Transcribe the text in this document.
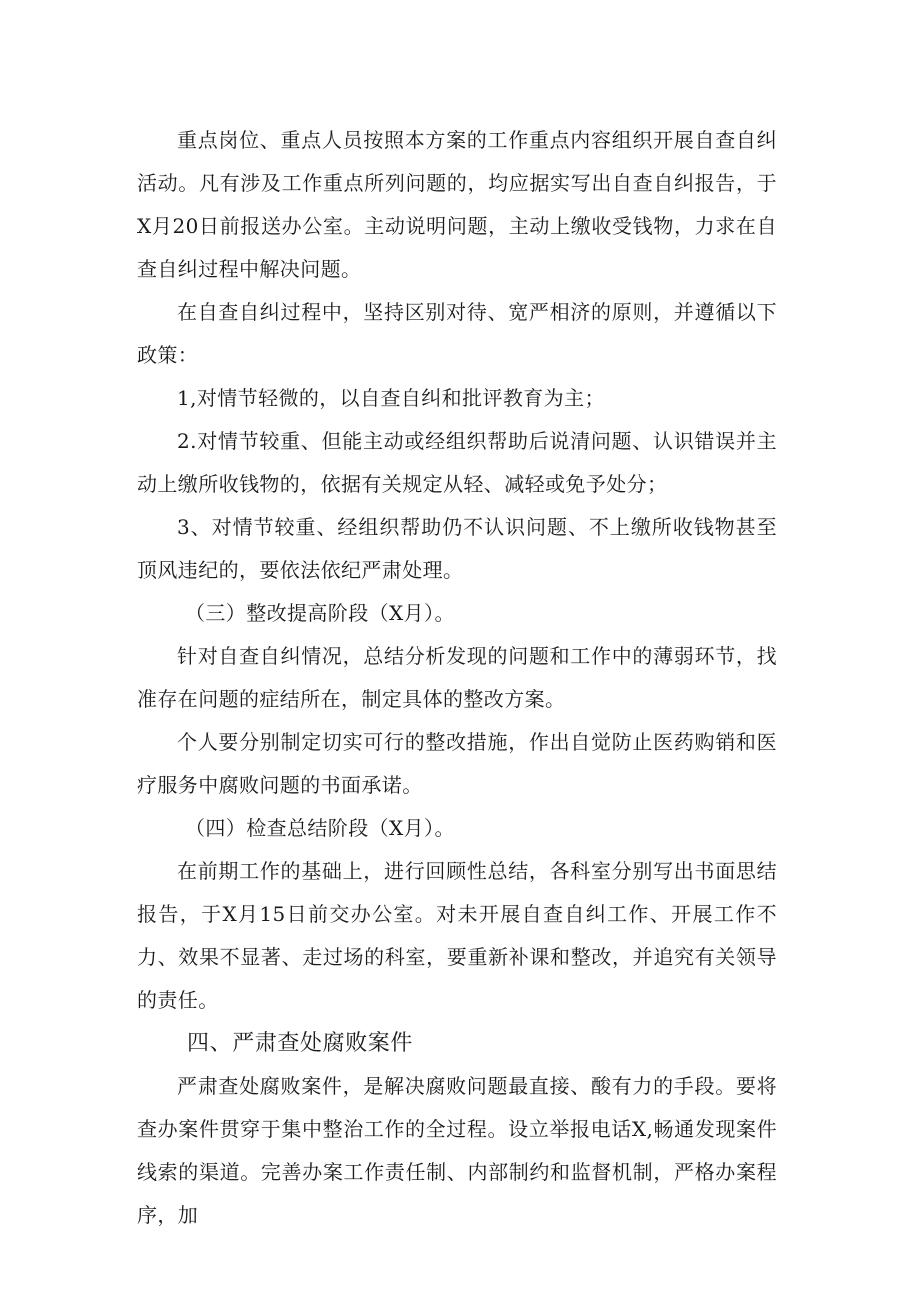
重点岗位、重点人员按照本方案的工作重点内容组织开展自查自纠活动。凡有涉及工作重点所列问题的，均应据实写出自查自纠报告，于X月20日前报送办公室。主动说明问题，主动上缴收受钱物，力求在自查自纠过程中解决问题。

在自查自纠过程中，坚持区别对待、宽严相济的原则，并遵循以下政策：

1,对情节轻微的，以自查自纠和批评教育为主；

2.对情节较重、但能主动或经组织帮助后说清问题、认识错误并主动上缴所收钱物的，依据有关规定从轻、减轻或免予处分；

3、对情节较重、经组织帮助仍不认识问题、不上缴所收钱物甚至顶风违纪的，要依法依纪严肃处理。

（三）整改提高阶段（X月）。

针对自查自纠情况，总结分析发现的问题和工作中的薄弱环节，找准存在问题的症结所在，制定具体的整改方案。

个人要分别制定切实可行的整改措施，作出自觉防止医药购销和医疗服务中腐败问题的书面承诺。

（四）检查总结阶段（X月）。

在前期工作的基础上，进行回顾性总结，各科室分别写出书面思结报告，于X月15日前交办公室。对未开展自查自纠工作、开展工作不力、效果不显著、走过场的科室，要重新补课和整改，并追究有关领导的责任。

四、严肃查处腐败案件

严肃查处腐败案件，是解决腐败问题最直接、酸有力的手段。要将查办案件贯穿于集中整治工作的全过程。设立举报电话X,畅通发现案件线索的渠道。完善办案工作责任制、内部制约和监督机制，严格办案程序，加
